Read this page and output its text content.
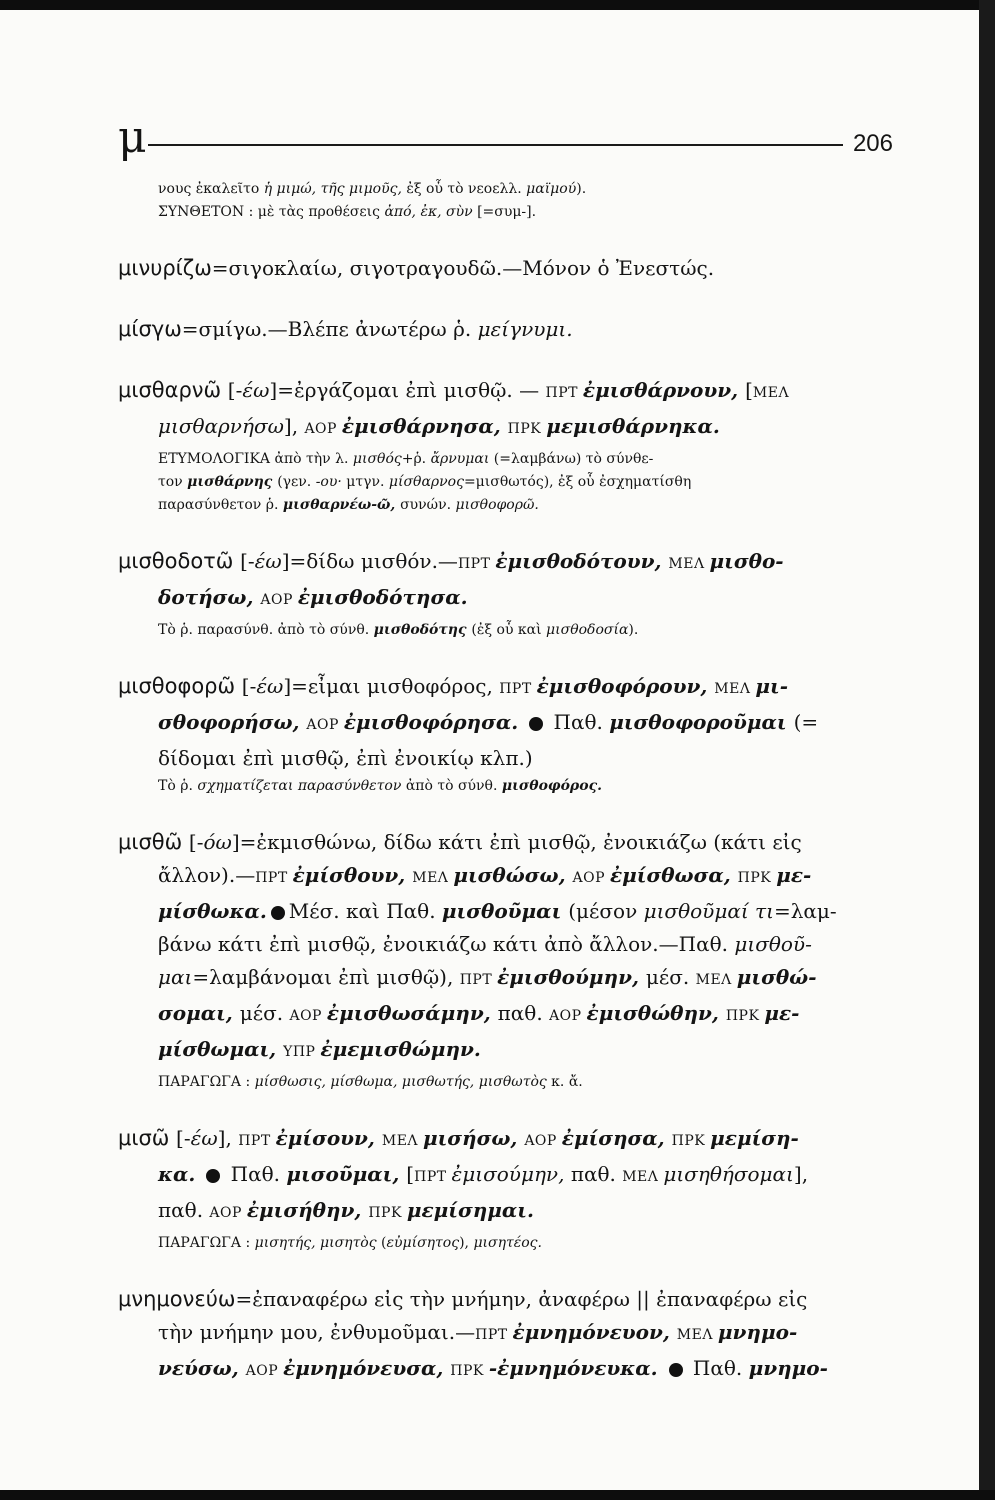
μ	206
νους ἐκαλεῖτο ἡ μιμώ, τῆς μιμοῦς, ἐξ οὗ τὸ νεοελλ. μαϊμού).
ΣΥΝΘΕΤΟΝ : μὲ τὰς προθέσεις ἀπό, ἐκ, σὺν [=συμ-].
μινυρίζω=σιγοκλαίω, σιγοτραγουδῶ.—Μόνον ὁ Ἐνεστώς.
μίσγω=σμίγω.—Βλέπε ἀνωτέρω ῥ. μείγνυμι.
μισθαρνῶ [-έω]=ἐργάζομαι ἐπὶ μισθῷ. — ΠΡΤ ἐμισθάρνουν, [ΜΕΛ
μισθαρνήσω], ΑΟΡ ἐμισθάρνησα, ΠΡΚ μεμισθάρνηκα.
ΕΤΥΜΟΛΟΓΙΚΑ ἀπὸ τὴν λ. μισθός+ῥ. ἄρνυμαι (=λαμβάνω) τὸ σύνθε-
τον μισθάρνης (γεν. -ου· μτγν. μίσθαρνος=μισθωτός), ἐξ οὗ ἐσχηματίσθη
παρασύνθετον ῥ. μισθαρνέω-ῶ, συνών. μισθοφορῶ.
μισθοδοτῶ [-έω]=δίδω μισθόν.—ΠΡΤ ἐμισθοδότουν, ΜΕΛ μισθο-
δοτήσω, ΑΟΡ ἐμισθοδότησα.
Τὸ ῥ. παρασύνθ. ἀπὸ τὸ σύνθ. μισθοδότης (ἐξ οὗ καὶ μισθοδοσία).
μισθοφορῶ [-έω]=εἶμαι μισθοφόρος, ΠΡΤ ἐμισθοφόρουν, ΜΕΛ μι-
σθοφορήσω, ΑΟΡ ἐμισθοφόρησα.  Παθ. μισθοφοροῦμαι (=
δίδομαι ἐπὶ μισθῷ, ἐπὶ ἐνοικίῳ κλπ.)
Τὸ ῥ. σχηματίζεται παρασύνθετον ἀπὸ τὸ σύνθ. μισθοφόρος.
μισθῶ [-όω]=ἐκμισθώνω, δίδω κάτι ἐπὶ μισθῷ, ἐνοικιάζω (κάτι εἰς
ἄλλον).—ΠΡΤ ἐμίσθουν, ΜΕΛ μισθώσω, ΑΟΡ ἐμίσθωσα, ΠΡΚ με-
μίσθωκα. Μέσ. καὶ Παθ. μισθοῦμαι (μέσον μισθοῦμαί τι=λαμ-
βάνω κάτι ἐπὶ μισθῷ, ἐνοικιάζω κάτι ἀπὸ ἄλλον.—Παθ. μισθοῦ-
μαι=λαμβάνομαι ἐπὶ μισθῷ), ΠΡΤ ἐμισθούμην, μέσ. ΜΕΛ μισθώ-
σομαι, μέσ. ΑΟΡ ἐμισθωσάμην, παθ. ΑΟΡ ἐμισθώθην, ΠΡΚ με-
μίσθωμαι, ΥΠΡ ἐμεμισθώμην.
ΠΑΡΑΓΩΓΑ : μίσθωσις, μίσθωμα, μισθωτής, μισθωτὸς κ. ἄ.
μισῶ [-έω], ΠΡΤ ἐμίσουν, ΜΕΛ μισήσω, ΑΟΡ ἐμίσησα, ΠΡΚ μεμίση-
κα.  Παθ. μισοῦμαι, [ΠΡΤ ἐμισούμην, παθ. ΜΕΛ μισηθήσομαι],
παθ. ΑΟΡ ἐμισήθην, ΠΡΚ μεμίσημαι.
ΠΑΡΑΓΩΓΑ : μισητής, μισητὸς (εὐμίσητος), μισητέος.
μνημονεύω=ἐπαναφέρω εἰς τὴν μνήμην, ἀναφέρω || ἐπαναφέρω εἰς
τὴν μνήμην μου, ἐνθυμοῦμαι.—ΠΡΤ ἐμνημόνευον, ΜΕΛ μνημο-
νεύσω, ΑΟΡ ἐμνημόνευσα, ΠΡΚ -ἐμνημόνευκα.  Παθ. μνημο-
